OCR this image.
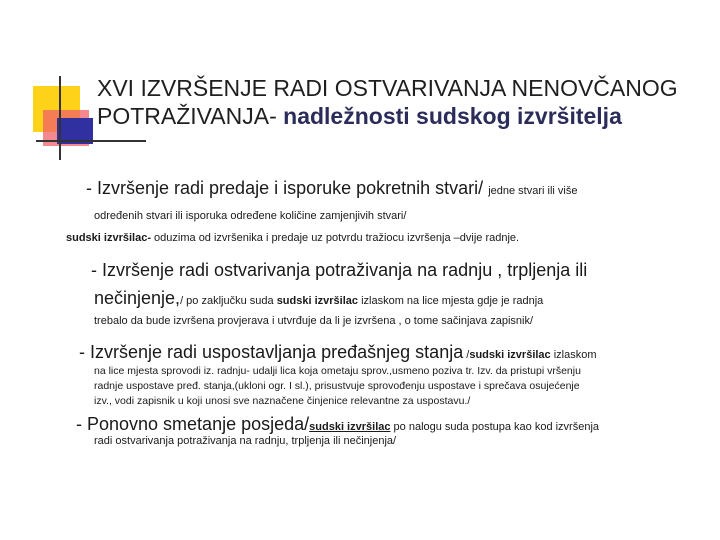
XVI IZVRŠENJE RADI OSTVARIVANJA NENOVČANOG
POTRAŽIVANJA- nadležnosti sudskog izvršitelja
- Izvršenje radi predaje i isporuke pokretnih stvari/ jedne stvari ili više
određenih stvari ili isporuka određene količine zamjenjivih stvari/
sudski izvršilac- oduzima od izvršenika i predaje uz potvrdu tražiocu izvršenja –dvije radnje.
- Izvršenje radi ostvarivanja potraživanja na radnju , trpljenja ili
nečinjenje,/ po zaključku suda sudski izvršilac izlaskom na lice mjesta gdje je radnja
trebalo da bude izvršena provjerava i utvrđuje da li je izvršena , o tome sačinjava zapisnik/
- Izvršenje radi uspostavljanja pređašnjeg stanja /sudski izvršilac izlaskom
na lice mjesta sprovodi iz. radnju- udalji lica koja ometaju sprov.,usmeno poziva tr. Izv. da pristupi vršenju
radnje uspostave pređ. stanja,(ukloni ogr. I sl.), prisustvuje sprovođenju uspostave i sprečava osujećenje
izv., vodi zapisnik u koji unosi sve naznačene činjenice relevantne za uspostavu./
- Ponovno smetanje posjeda/sudski izvršilac po nalogu suda postupa kao kod izvršenja
radi ostvarivanja potraživanja na radnju, trpljenja ili nečinjenja/
